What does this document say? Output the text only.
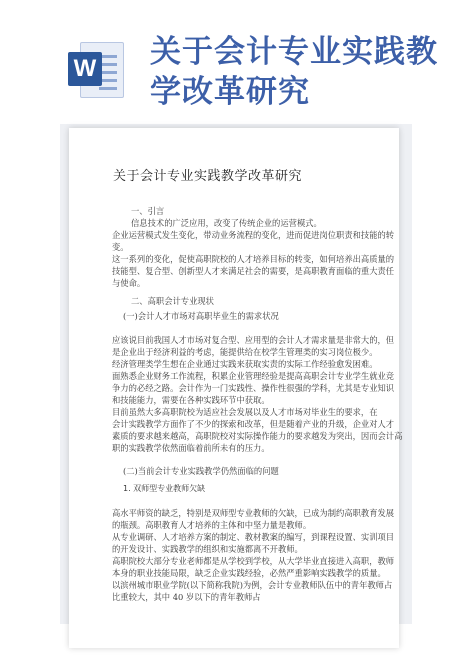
W 关于会计专业实践教学改革研究
关于会计专业实践教学改革研究
一、引言
信息技术的广泛应用，改变了传统企业的运营模式。
企业运营模式发生变化，带动业务流程的变化，进而促进岗位职责和技能的转
变。
这一系列的变化，促使高职院校的人才培养目标的转变，如何培养出高质量的
技能型、复合型、创新型人才来满足社会的需要，是高职教育面临的重大责任
与使命。
二、高职会计专业现状
(一)会计人才市场对高职毕业生的需求状况
应该说目前我国人才市场对复合型、应用型的会计人才需求量是非常大的，但
是企业出于经济利益的考虑，能提供给在校学生管理类的实习岗位极少。
经济管理类学生想在企业通过实践来获取实责的实际工作经验愈发困难。
面熟悉企业财务工作流程，积累企业管理经验是提高高职会计专业学生就业竞
争力的必经之路。会计作为一门实践性、操作性很强的学科，尤其是专业知识
和技能能力，需要在各种实践环节中获取。
目前虽然大多高职院校为适应社会发展以及人才市场对毕业生的要求，在
会计实践教学方面作了不少的探索和改革，但是随着产业的升级，企业对人才
素质的要求越来越高，高职院校对实际操作能力的要求越发为突出，因而会计高
职的实践教学依然面临着前所未有的压力。
(二)当前会计专业实践教学仍然面临的问题
1. 双师型专业教师欠缺
高水平师资的缺乏，特别是双师型专业教师的欠缺，已成为制约高职教育发展
的瓶颈。高职教育人才培养的主体和中坚力量是教师。
从专业调研、人才培养方案的制定、教材教案的编写，到课程设置、实训项目
的开发设计、实践教学的组织和实施都离不开教师。
高职院校大部分专业老师都是从学校到学校，从大学毕业直接进入高职，教师
本身的职业技能局限，缺乏企业实践经验，必然严重影响实践教学的质量。
以滨州城市职业学院(以下简称我院)为例，会计专业教师队伍中的青年教师占
比重较大，其中 40 岁以下的青年教师占
